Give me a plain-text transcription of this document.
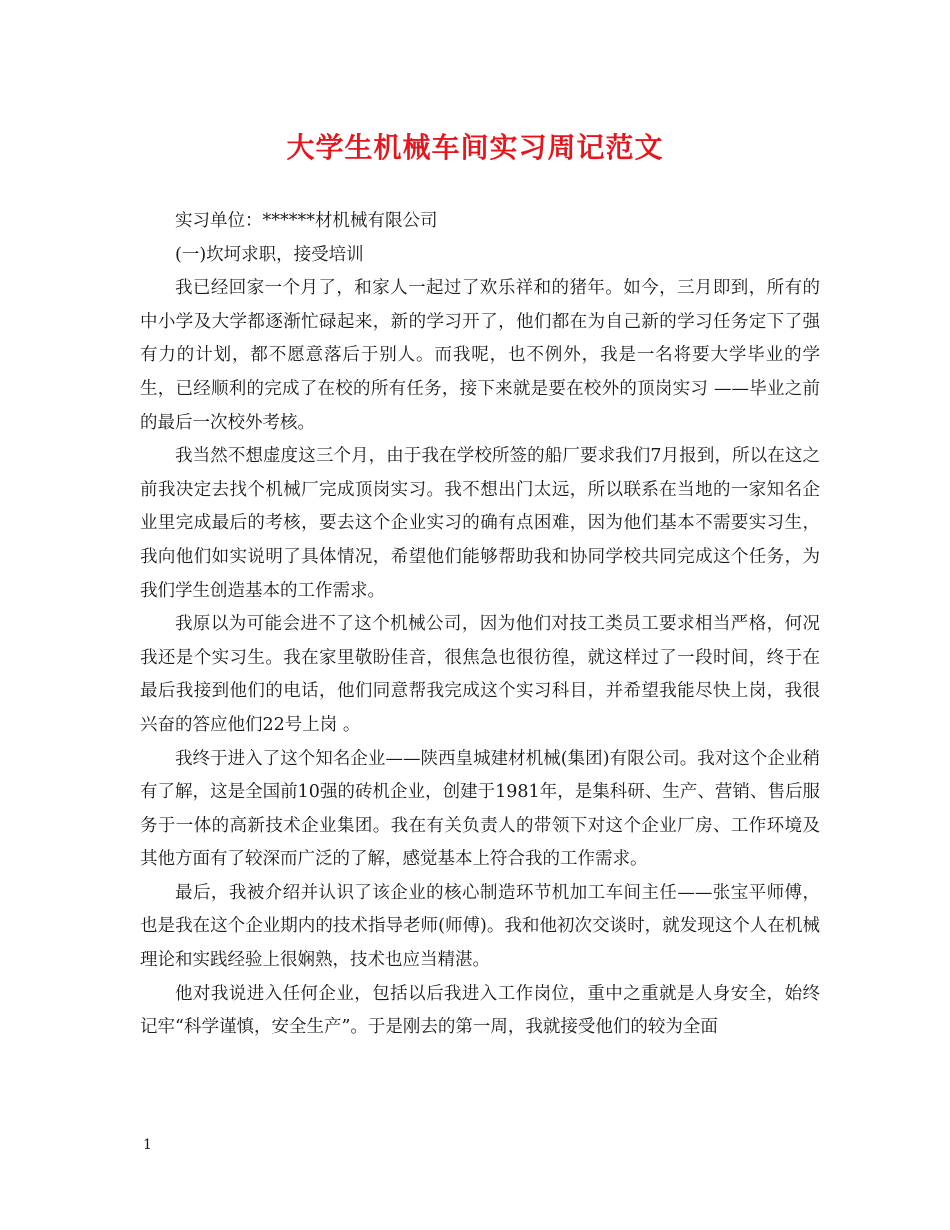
大学生机械车间实习周记范文

实习单位：******材机械有限公司

(一)坎坷求职，接受培训

我已经回家一个月了，和家人一起过了欢乐祥和的猪年。如今，三月即到，所有的中小学及大学都逐渐忙碌起来，新的学习开了，他们都在为自己新的学习任务定下了强有力的计划，都不愿意落后于别人。而我呢，也不例外，我是一名将要大学毕业的学生，已经顺利的完成了在校的所有任务，接下来就是要在校外的顶岗实习 ——毕业之前的最后一次校外考核。

我当然不想虚度这三个月，由于我在学校所签的船厂要求我们7月报到，所以在这之前我决定去找个机械厂完成顶岗实习。我不想出门太远，所以联系在当地的一家知名企业里完成最后的考核，要去这个企业实习的确有点困难，因为他们基本不需要实习生，我向他们如实说明了具体情况，希望他们能够帮助我和协同学校共同完成这个任务，为我们学生创造基本的工作需求。

我原以为可能会进不了这个机械公司，因为他们对技工类员工要求相当严格，何况我还是个实习生。我在家里敬盼佳音，很焦急也很彷徨，就这样过了一段时间，终于在最后我接到他们的电话，他们同意帮我完成这个实习科目，并希望我能尽快上岗，我很兴奋的答应他们22号上岗 。

我终于进入了这个知名企业——陕西皇城建材机械(集团)有限公司。我对这个企业稍有了解，这是全国前10强的砖机企业，创建于1981年，是集科研、生产、营销、售后服务于一体的高新技术企业集团。我在有关负责人的带领下对这个企业厂房、工作环境及其他方面有了较深而广泛的了解，感觉基本上符合我的工作需求。

最后，我被介绍并认识了该企业的核心制造环节机加工车间主任——张宝平师傅，也是我在这个企业期内的技术指导老师(师傅)。我和他初次交谈时，就发现这个人在机械理论和实践经验上很娴熟，技术也应当精湛。

他对我说进入任何企业，包括以后我进入工作岗位，重中之重就是人身安全，始终记牢“科学谨慎，安全生产”。于是刚去的第一周，我就接受他们的较为全面

1
